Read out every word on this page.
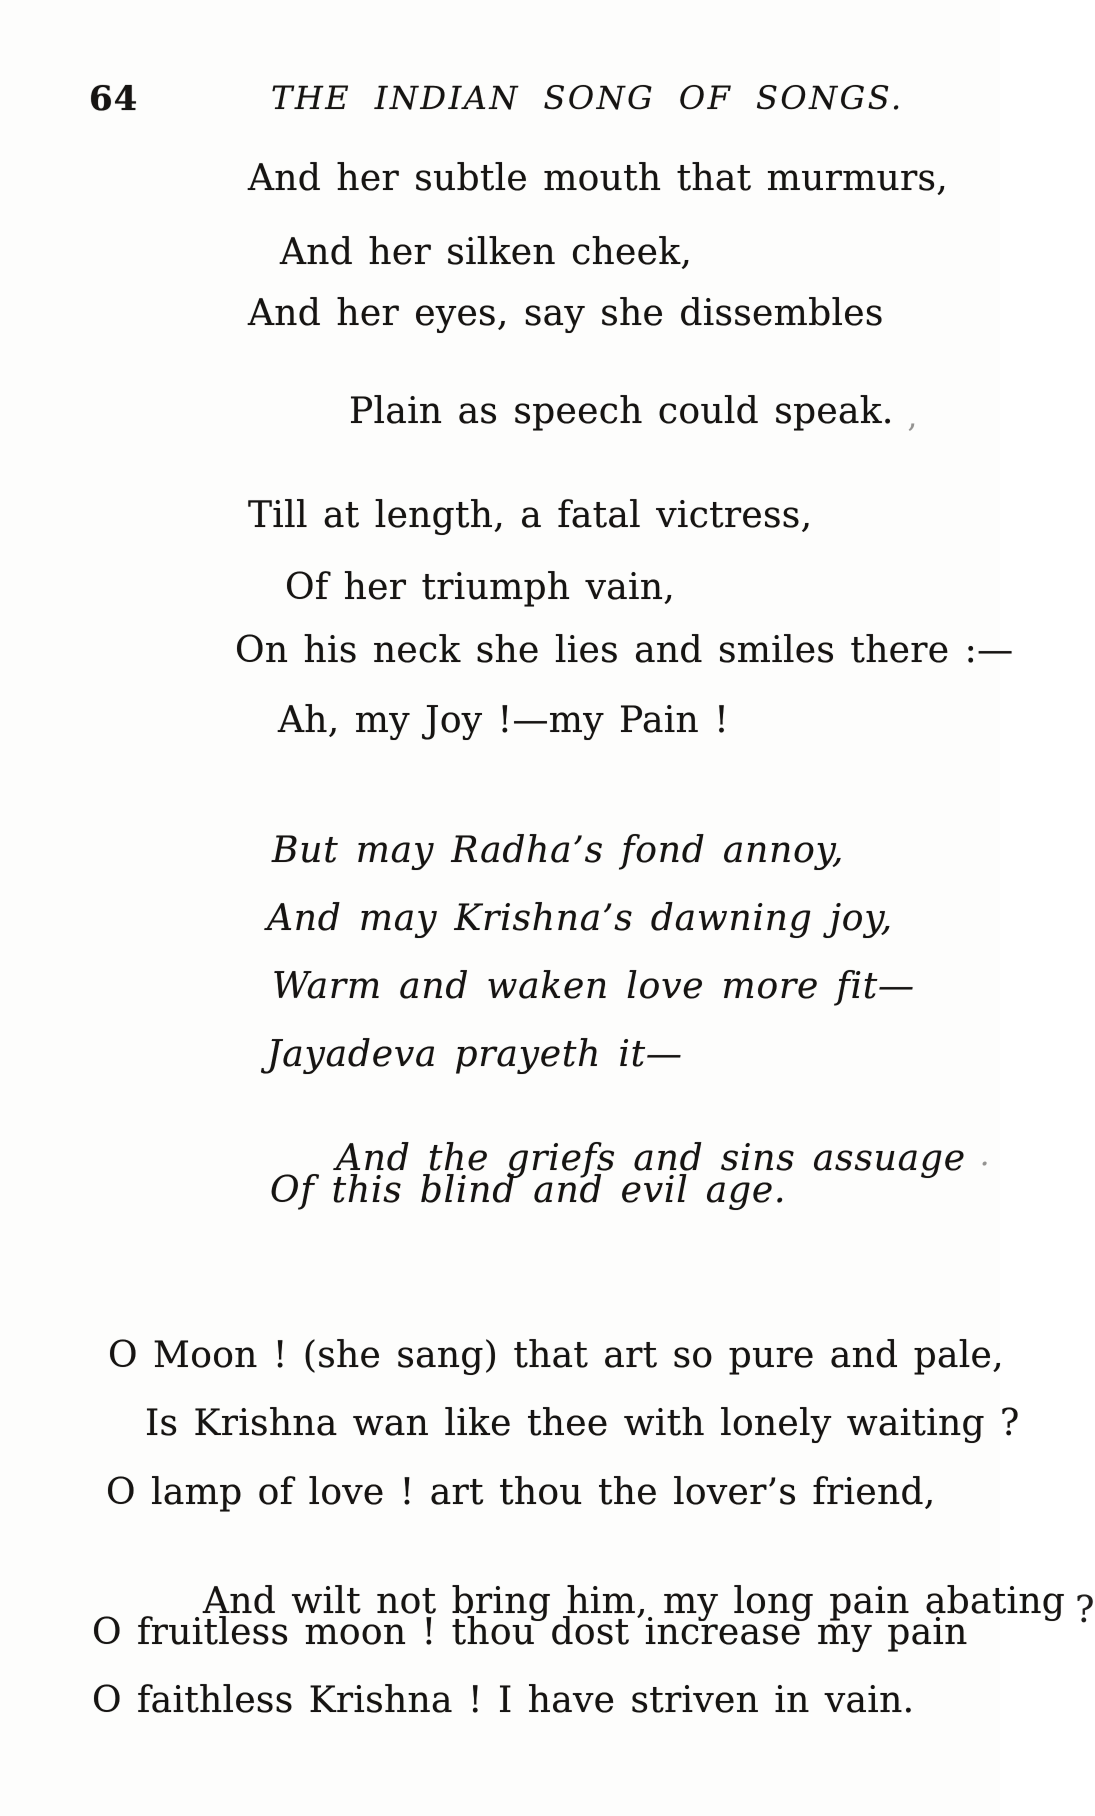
64	THE INDIAN SONG OF SONGS.
And her subtle mouth that murmurs,
And her silken cheek,
And her eyes, say she dissembles

Plain as speech could speak. ,

Till at length, a fatal victress,
Of her triumph vain,
On his neck she lies and smiles there :—
Ah, my Joy !—my Pain !
But may Radha’s fond annoy,
And may Krishna’s dawning joy,
Warm and waken love more fit—
Jayadeva prayeth it—

And the griefs and sins assuage ·

Of this blind and evil age.
O Moon ! (she sang) that art so pure and pale,
Is Krishna wan like thee with lonely waiting ?
O lamp of love ! art thou the lover’s friend,

And wilt not bring him, my long pain abating ?

O fruitless moon ! thou dost increase my pain
O faithless Krishna ! I have striven in vain.
